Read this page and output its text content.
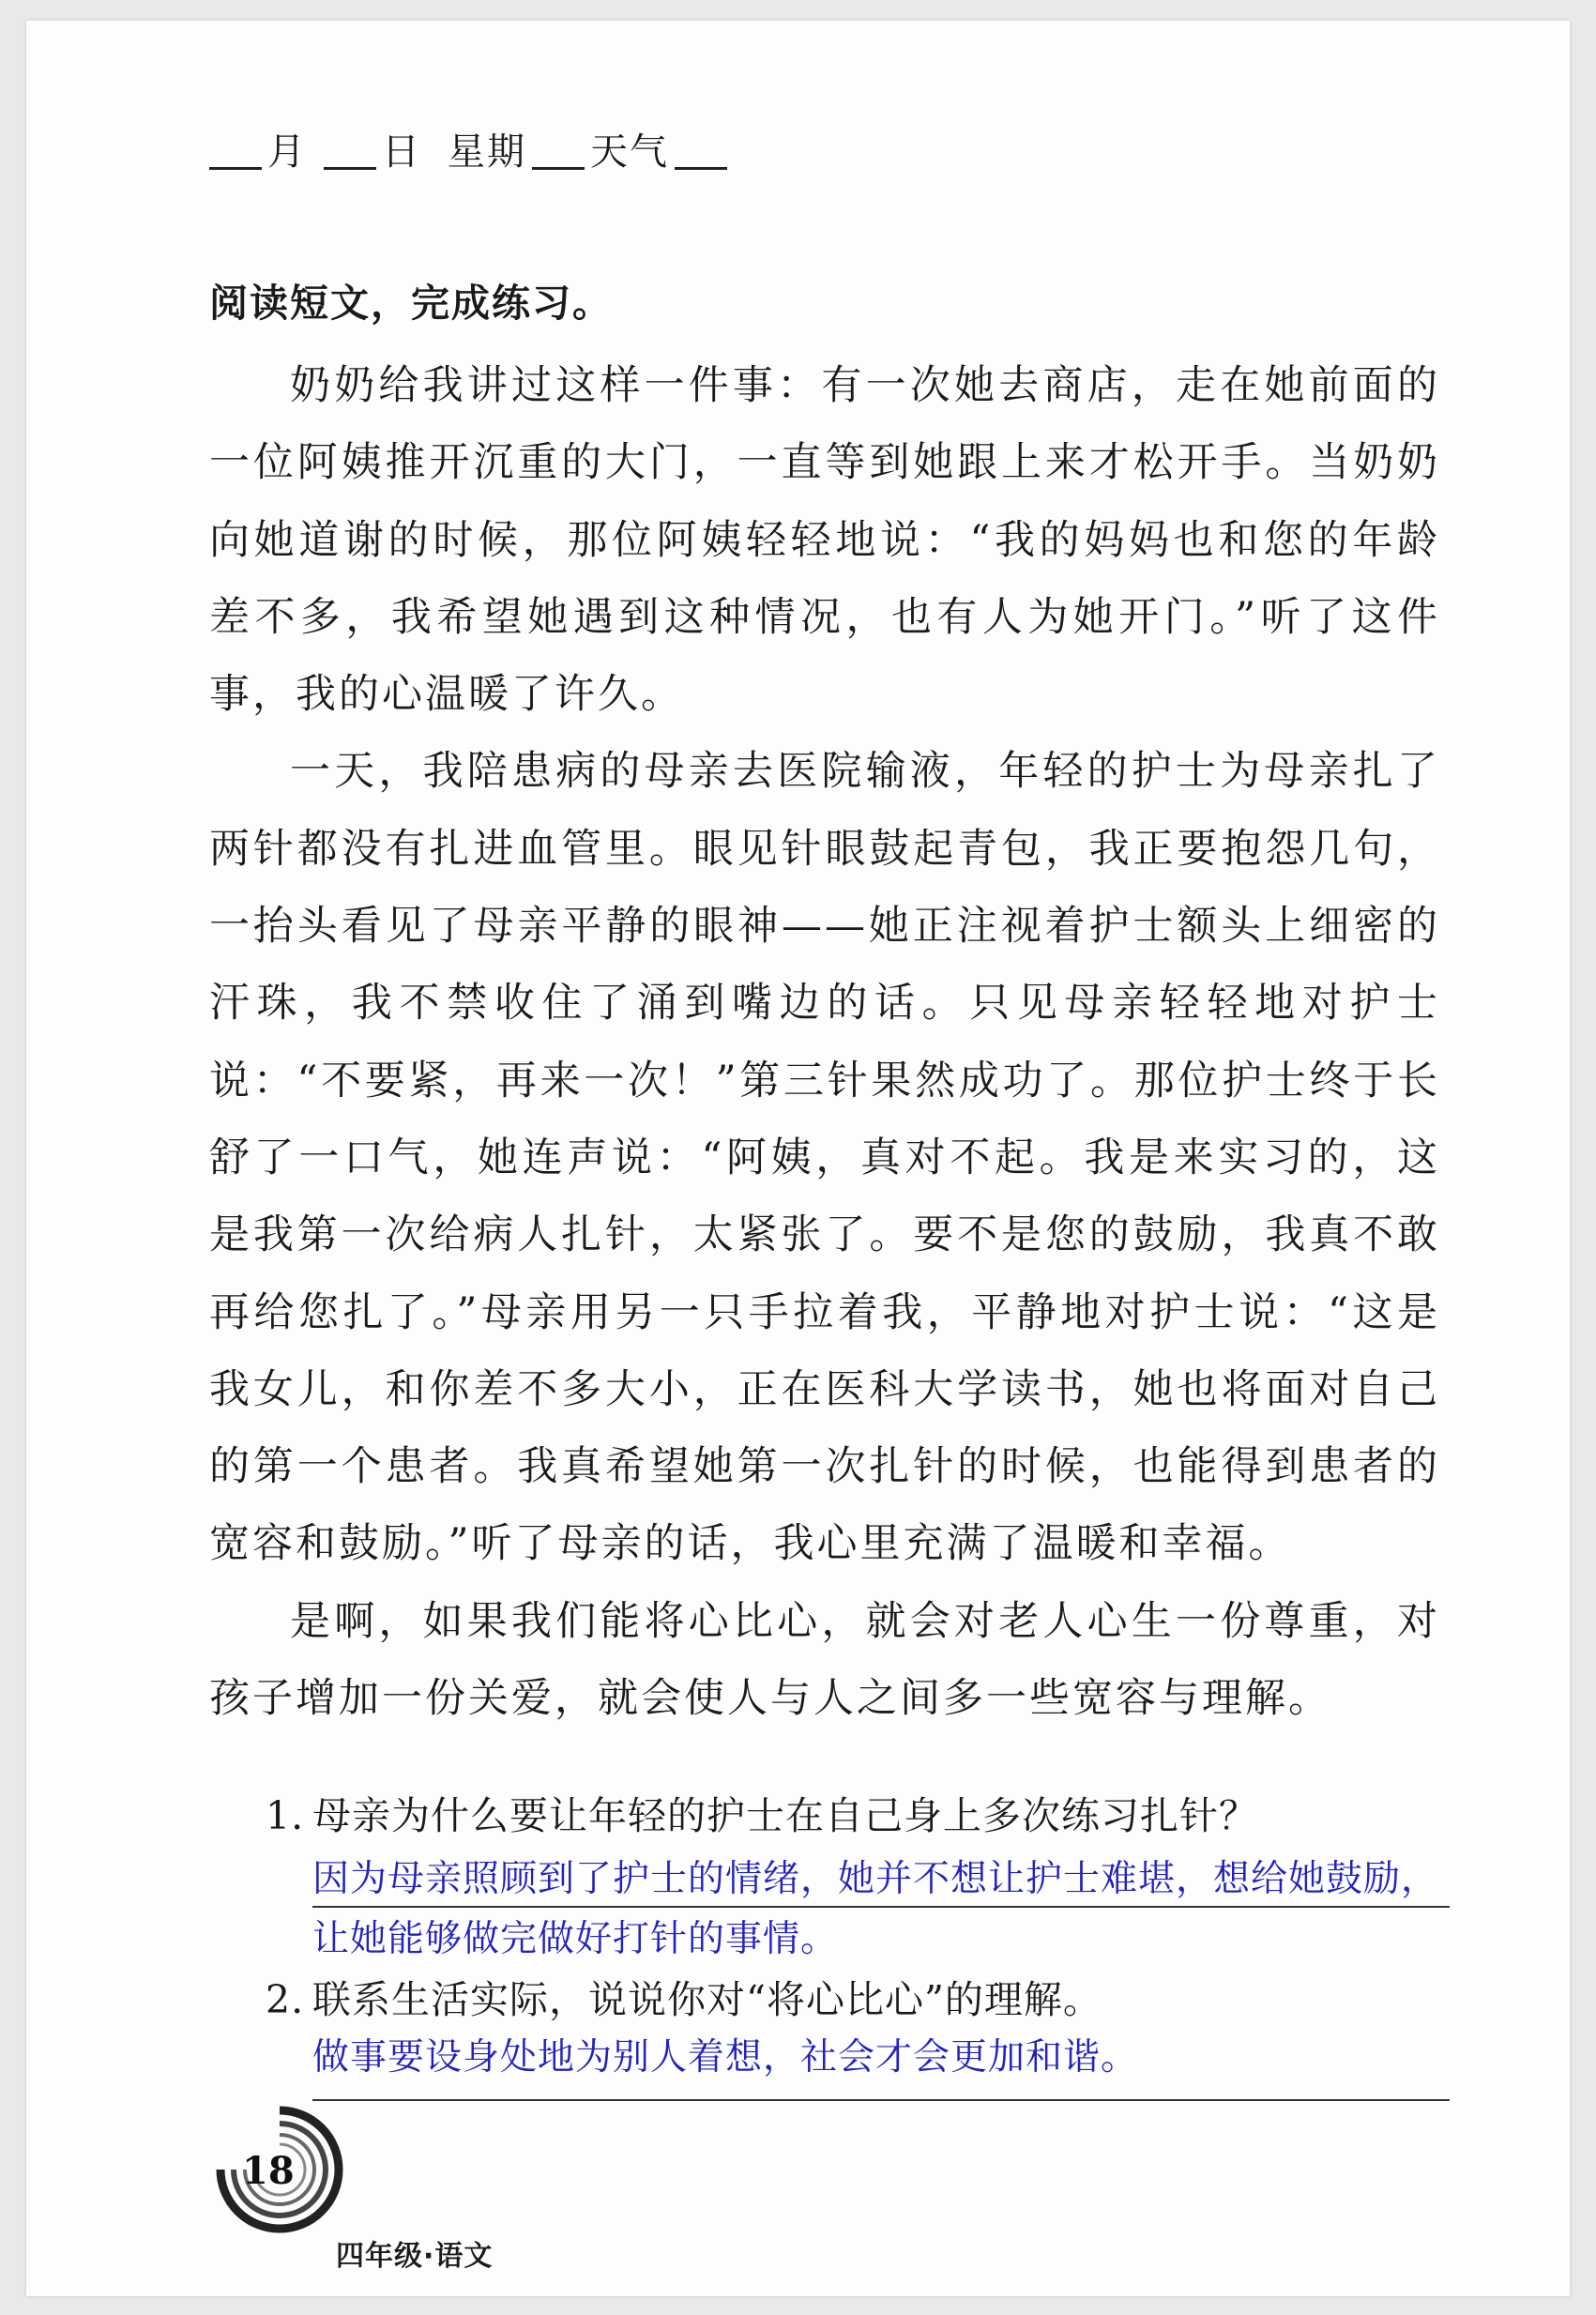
月 日 星期 天气
阅读短文，完成练习。

奶奶给我讲过这样一件事：有一次她去商店，走在她前面的一位阿姨推开沉重的大门，一直等到她跟上来才松开手。当奶奶向她道谢的时候，那位阿姨轻轻地说：“我的妈妈也和您的年龄差不多，我希望她遇到这种情况，也有人为她开门。”听了这件事，我的心温暖了许久。

一天，我陪患病的母亲去医院输液，年轻的护士为母亲扎了两针都没有扎进血管里。眼见针眼鼓起青包，我正要抱怨几句，一抬头看见了母亲平静的眼神——她正注视着护士额头上细密的汗珠，我不禁收住了涌到嘴边的话。只见母亲轻轻地对护士说：“不要紧，再来一次！”第三针果然成功了。那位护士终于长舒了一口气，她连声说：“阿姨，真对不起。我是来实习的，这是我第一次给病人扎针，太紧张了。要不是您的鼓励，我真不敢再给您扎了。”母亲用另一只手拉着我，平静地对护士说：“这是我女儿，和你差不多大小，正在医科大学读书，她也将面对自己的第一个患者。我真希望她第一次扎针的时候，也能得到患者的宽容和鼓励。”听了母亲的话，我心里充满了温暖和幸福。

是啊，如果我们能将心比心，就会对老人心生一份尊重，对孩子增加一份关爱，就会使人与人之间多一些宽容与理解。

1. 母亲为什么要让年轻的护士在自己身上多次练习扎针？
因为母亲照顾到了护士的情绪，她并不想让护士难堪，想给她鼓励，让她能够做完做好打针的事情。
2. 联系生活实际，说说你对“将心比心”的理解。
做事要设身处地为别人着想，社会才会更加和谐。
18
四年级·语文
